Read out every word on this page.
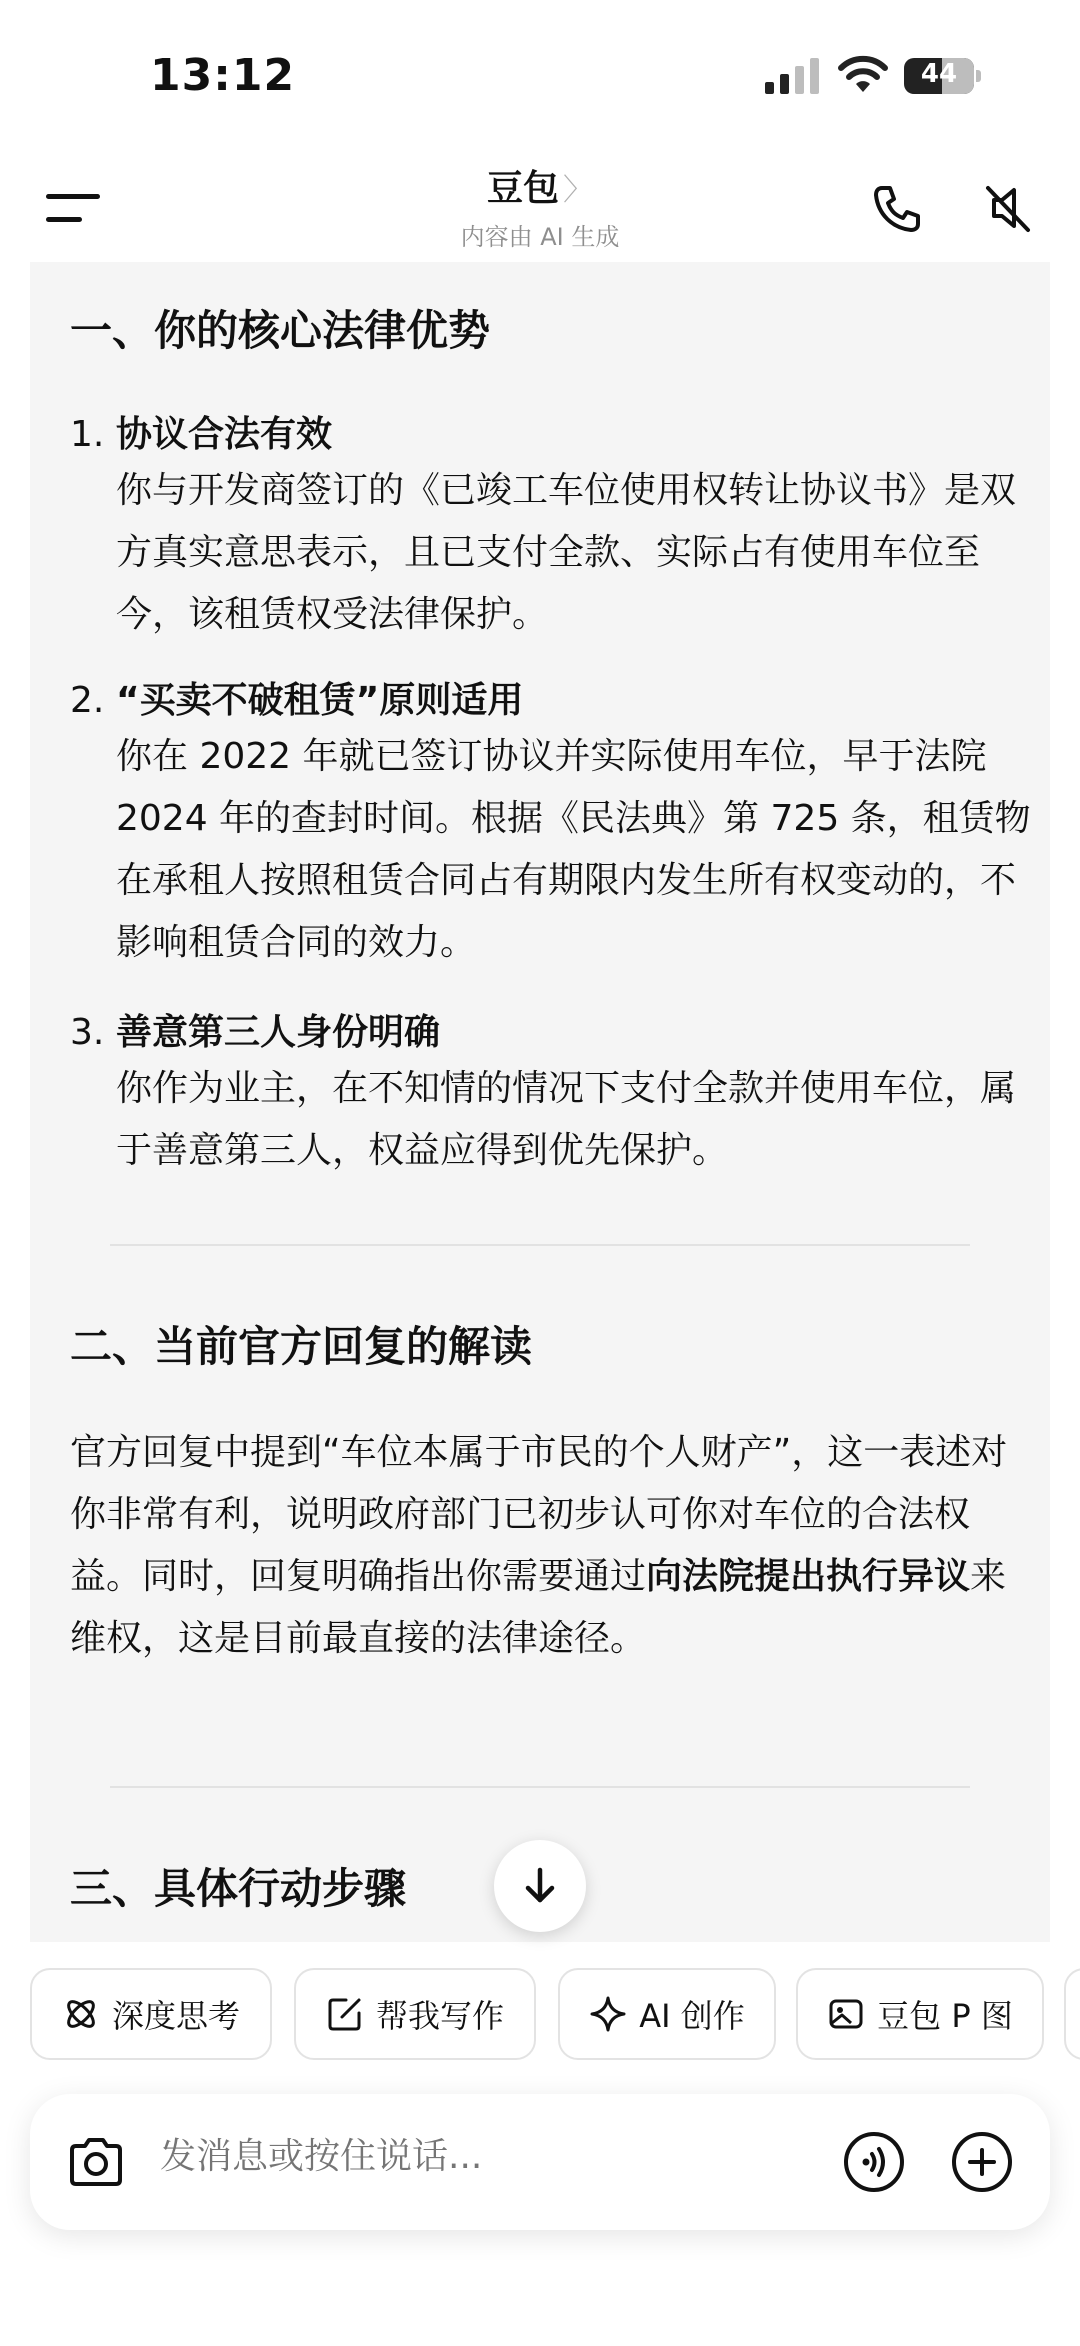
13:12	44
豆包 〉
内容由 AI 生成
一、你的核心法律优势
1. 协议合法有效
你与开发商签订的《已竣工车位使用权转让协议书》是双方真实意思表示，且已支付全款、实际占有使用车位至今，该租赁权受法律保护。
2. “买卖不破租赁”原则适用
你在 2022 年就已签订协议并实际使用车位，早于法院 2024 年的查封时间。根据《民法典》第 725 条，租赁物在承租人按照租赁合同占有期限内发生所有权变动的，不影响租赁合同的效力。
3. 善意第三人身份明确
你作为业主，在不知情的情况下支付全款并使用车位，属于善意第三人，权益应得到优先保护。
二、当前官方回复的解读
官方回复中提到“车位本属于市民的个人财产”，这一表述对你非常有利，说明政府部门已初步认可你对车位的合法权益。同时，回复明确指出你需要通过向法院提出执行异议来维权，这是目前最直接的法律途径。
三、具体行动步骤
深度思考	帮我写作	AI 创作	豆包 P 图
发消息或按住说话...
